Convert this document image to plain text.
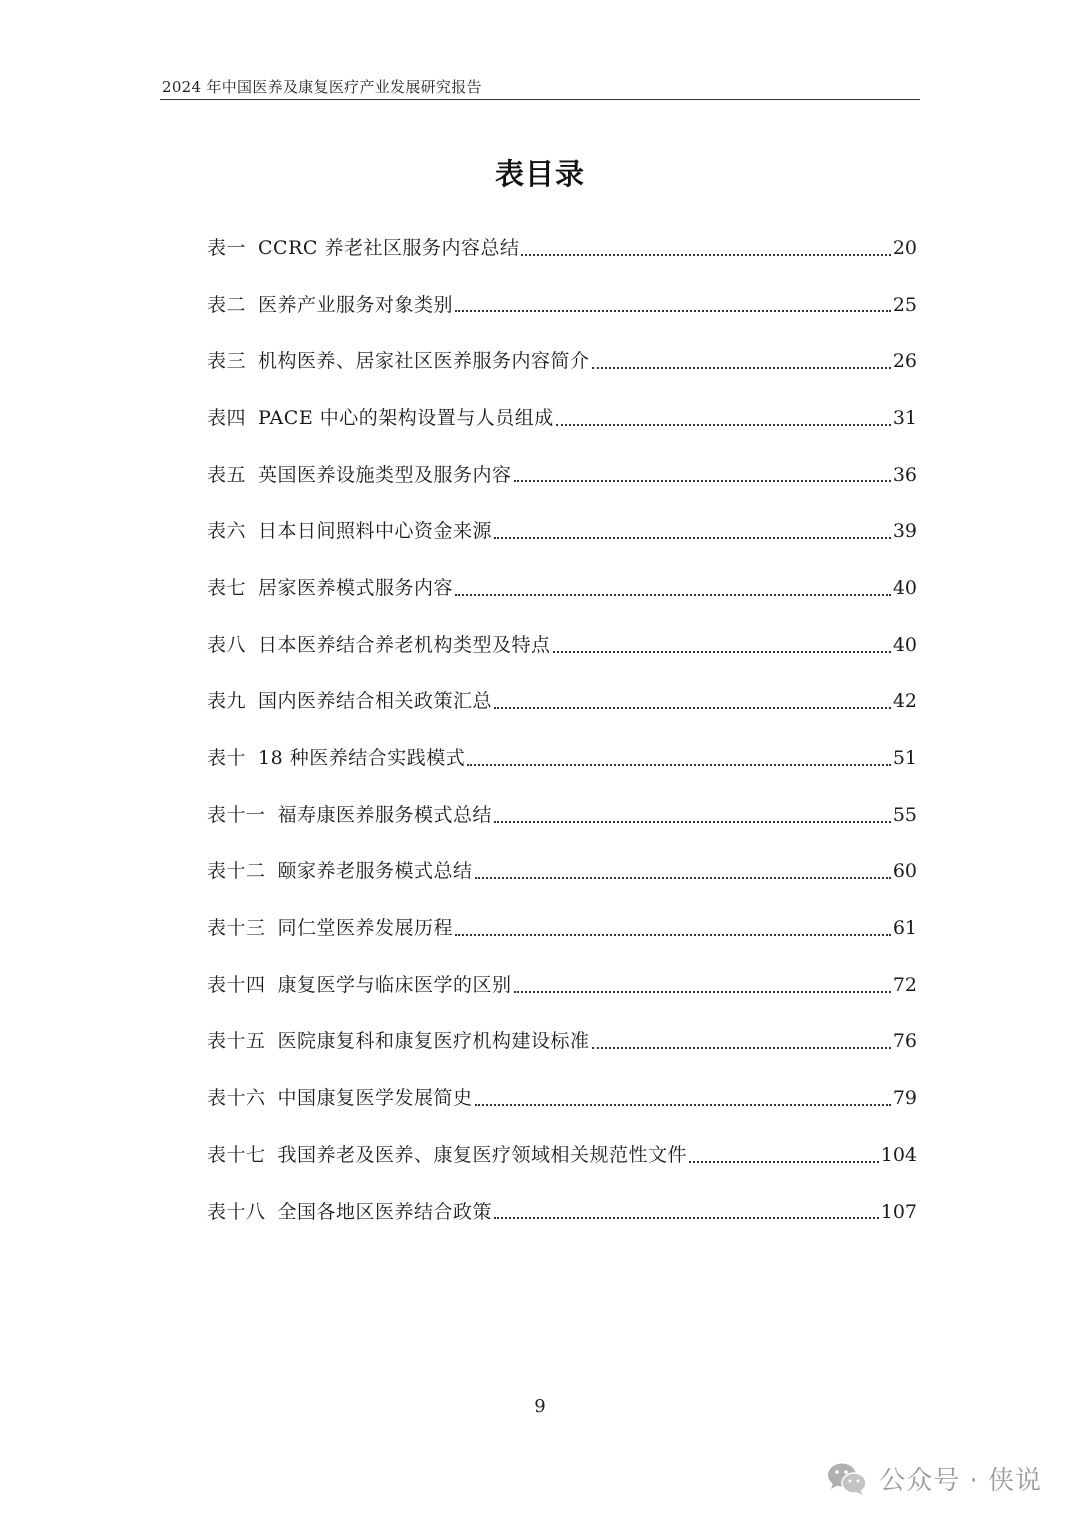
2024 年中国医养及康复医疗产业发展研究报告
表目录
表一 CCRC 养老社区服务内容总结	20
表二 医养产业服务对象类别	25
表三 机构医养、居家社区医养服务内容简介	26
表四 PACE 中心的架构设置与人员组成	31
表五 英国医养设施类型及服务内容	36
表六 日本日间照料中心资金来源	39
表七 居家医养模式服务内容	40
表八 日本医养结合养老机构类型及特点	40
表九 国内医养结合相关政策汇总	42
表十 18 种医养结合实践模式	51
表十一 福寿康医养服务模式总结	55
表十二 颐家养老服务模式总结	60
表十三 同仁堂医养发展历程	61
表十四 康复医学与临床医学的区别	72
表十五 医院康复科和康复医疗机构建设标准	76
表十六 中国康复医学发展简史	79
表十七 我国养老及医养、康复医疗领域相关规范性文件	104
表十八 全国各地区医养结合政策	107
9
公众号 · 侠说
